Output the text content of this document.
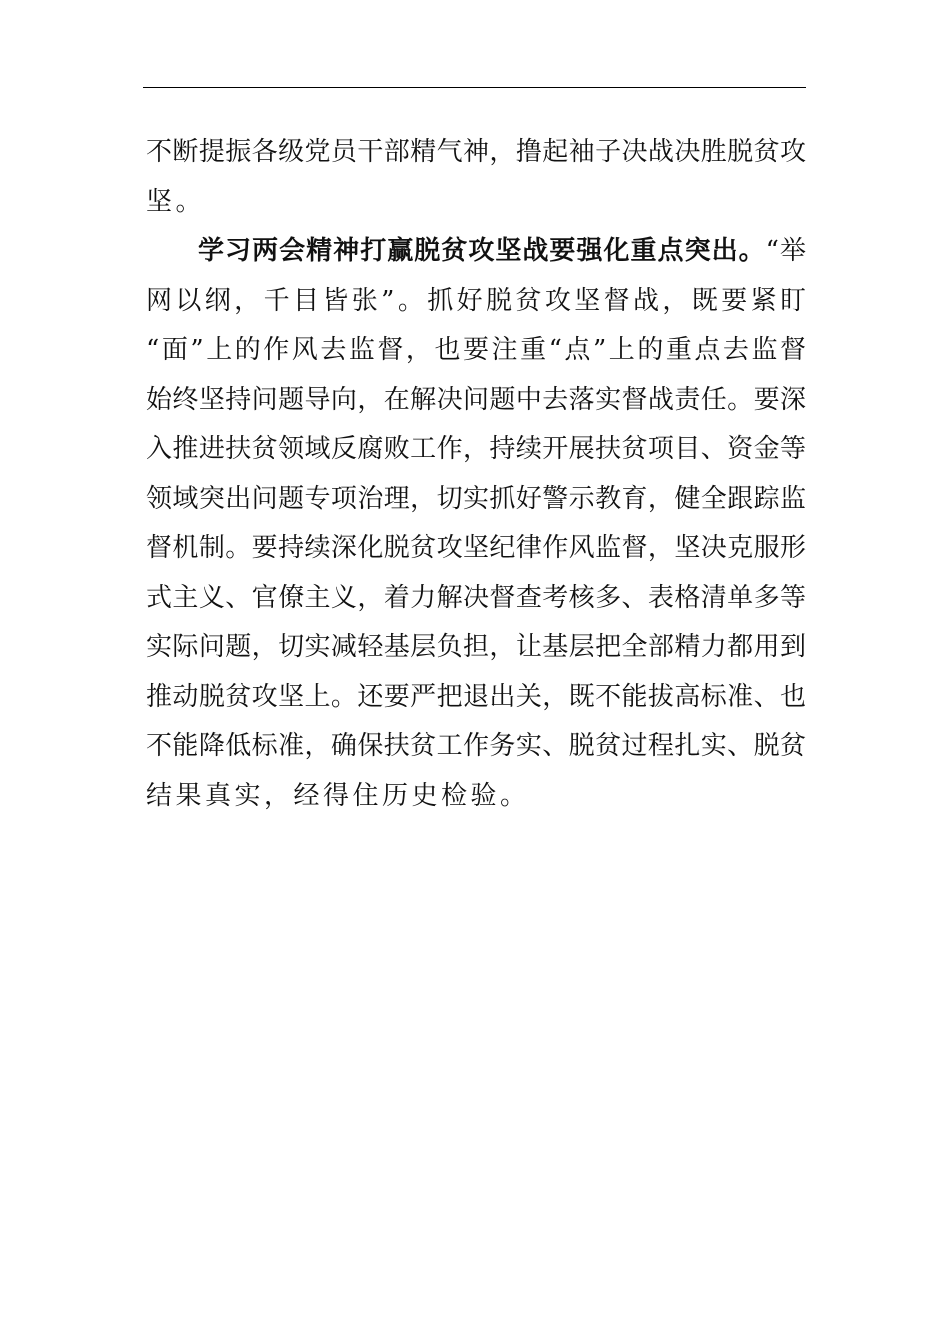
不断提振各级党员干部精气神，撸起袖子决战决胜脱贫攻
坚。
学习两会精神打赢脱贫攻坚战要强化重点突出。“举
网以纲，千目皆张”。抓好脱贫攻坚督战，既要紧盯
“面”上的作风去监督，也要注重“点”上的重点去监督
始终坚持问题导向，在解决问题中去落实督战责任。要深
入推进扶贫领域反腐败工作，持续开展扶贫项目、资金等
领域突出问题专项治理，切实抓好警示教育，健全跟踪监
督机制。要持续深化脱贫攻坚纪律作风监督，坚决克服形
式主义、官僚主义，着力解决督查考核多、表格清单多等
实际问题，切实减轻基层负担，让基层把全部精力都用到
推动脱贫攻坚上。还要严把退出关，既不能拔高标准、也
不能降低标准，确保扶贫工作务实、脱贫过程扎实、脱贫
结果真实，经得住历史检验。
